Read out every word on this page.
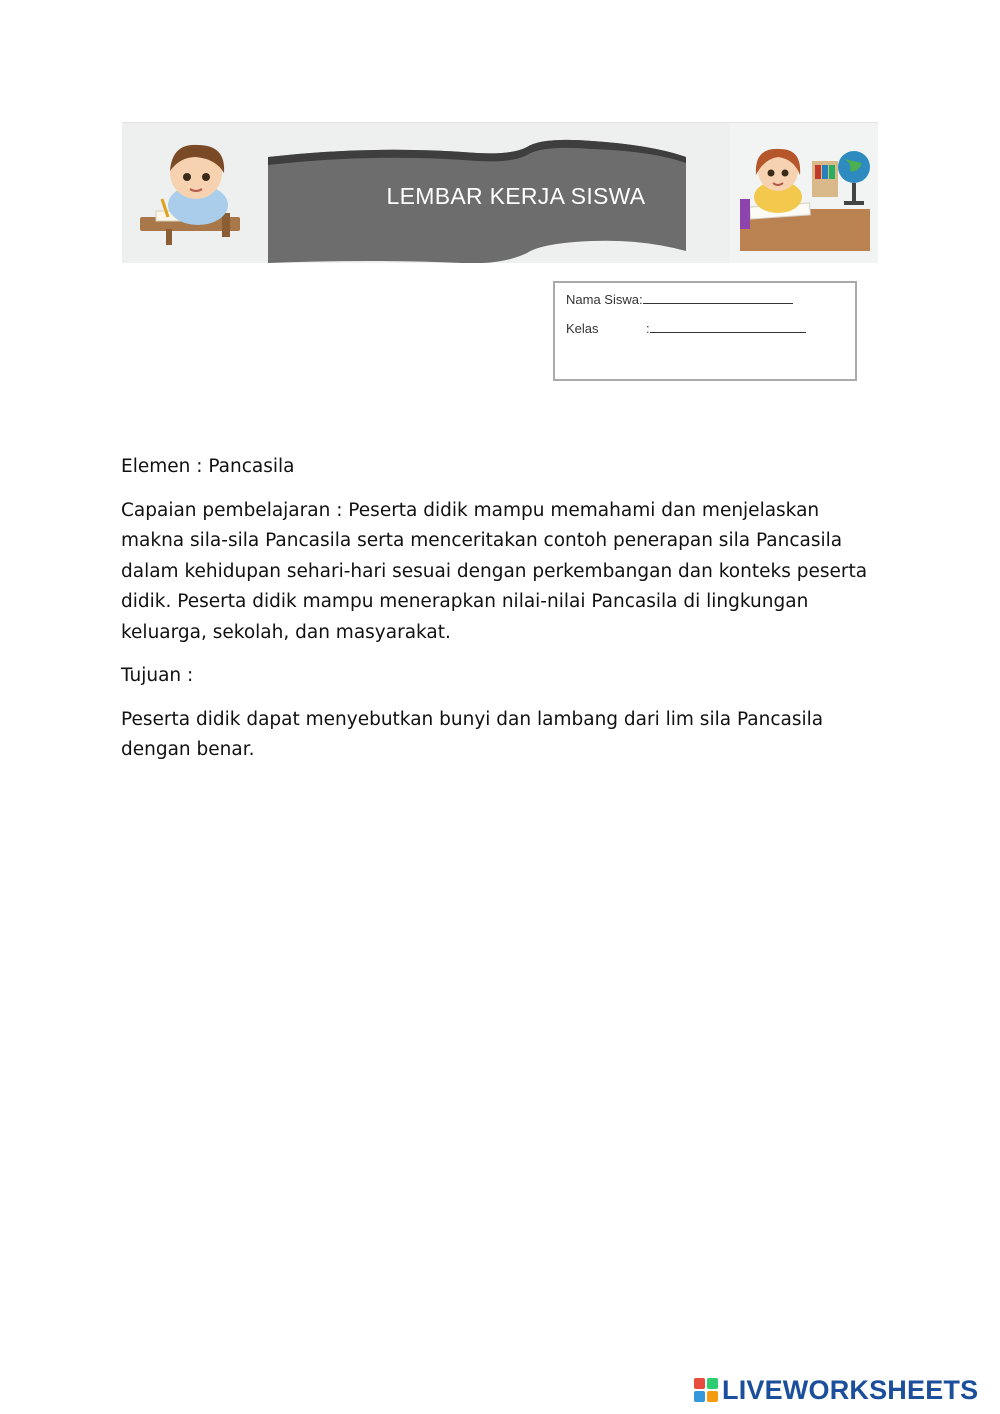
LEMBAR KERJA SISWA
Nama Siswa:
Kelas	:

Elemen : Pancasila

Capaian pembelajaran : Peserta didik mampu memahami dan menjelaskan makna sila-sila Pancasila serta menceritakan contoh penerapan sila Pancasila dalam kehidupan sehari-hari sesuai dengan perkembangan dan konteks peserta didik. Peserta didik mampu menerapkan nilai-nilai Pancasila di lingkungan keluarga, sekolah, dan masyarakat.

Tujuan :

Peserta didik dapat menyebutkan bunyi dan lambang dari lim sila Pancasila dengan benar.

LIVEWORKSHEETS
